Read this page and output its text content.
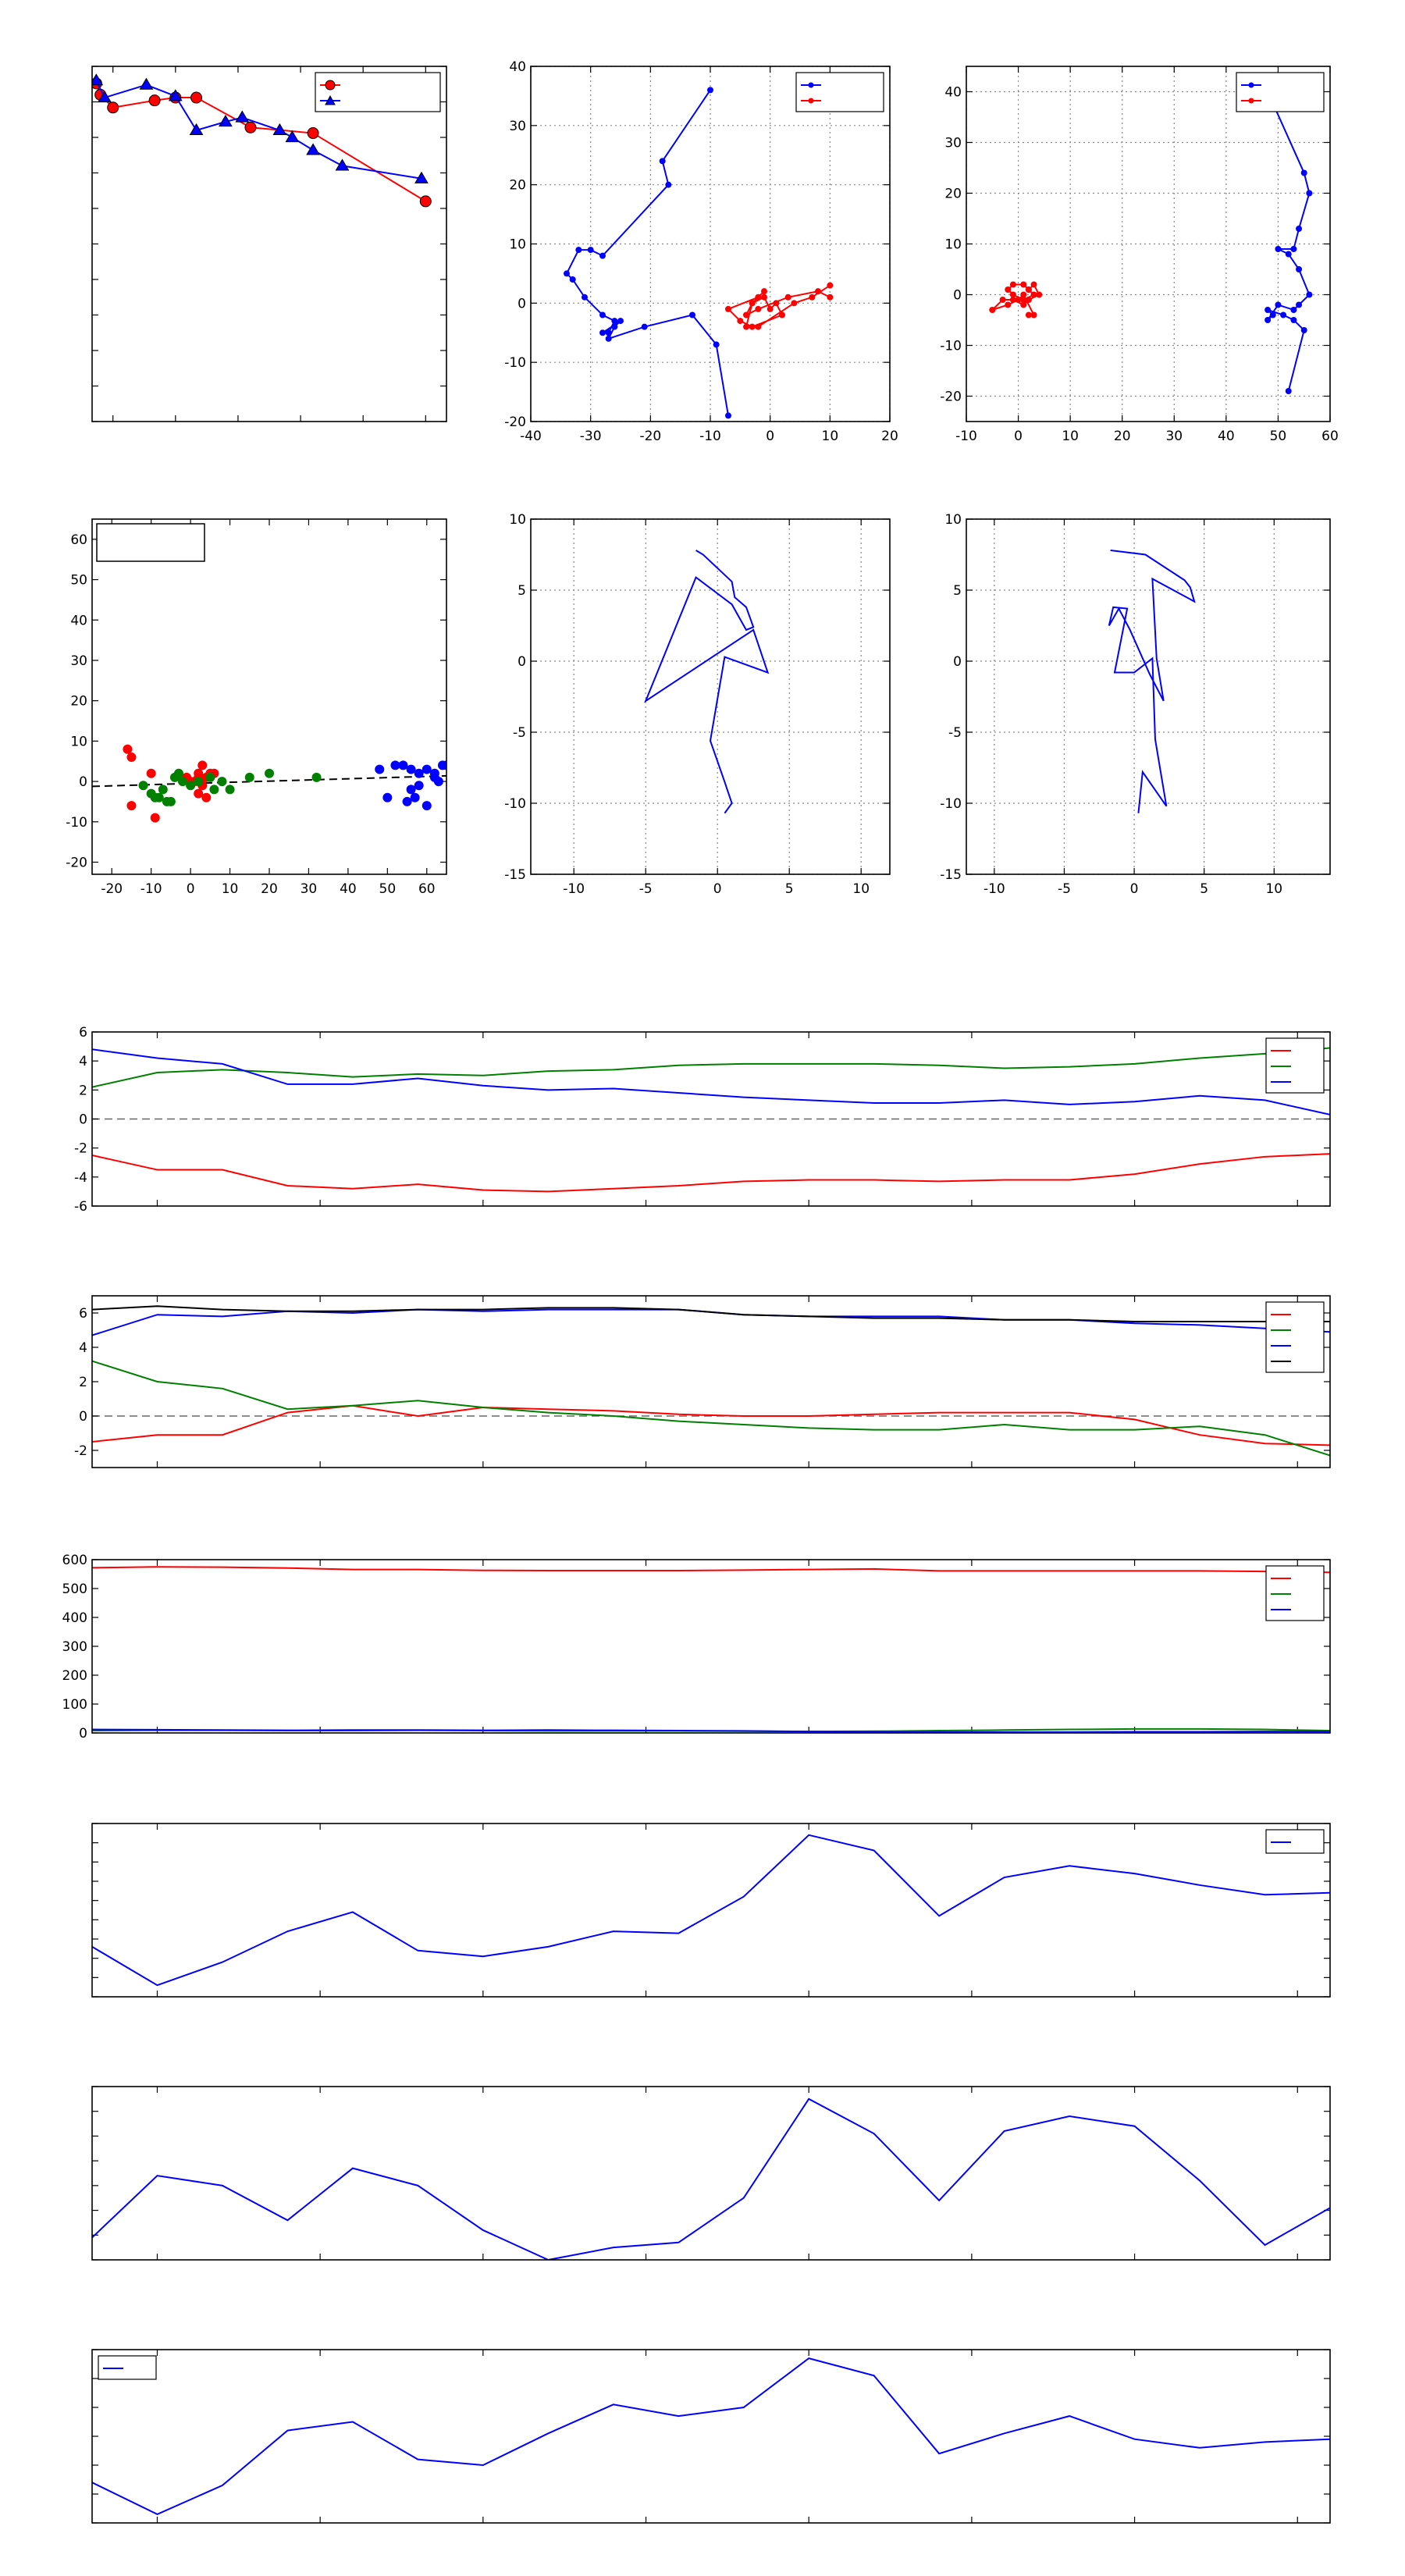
-40	-30	-20	-10	0	10	20
-20
-10
0
10
20
30
40
-10	0	10	20	30	40	50	60
-20
-10
0
10
20
30
40
-20 -10 0 10 20 30 40 50 60
-20
-10
0
10
20
30
40
50
60
-10	-5	0	5	10
-15
-10
-5
0
5
10
-10	-5	0	5	10
-15
-10
-5
0
5
10
-6
-4
-2
0
2
4
6
-2
0
2
4
6
0
100
200
300
400
500
600
